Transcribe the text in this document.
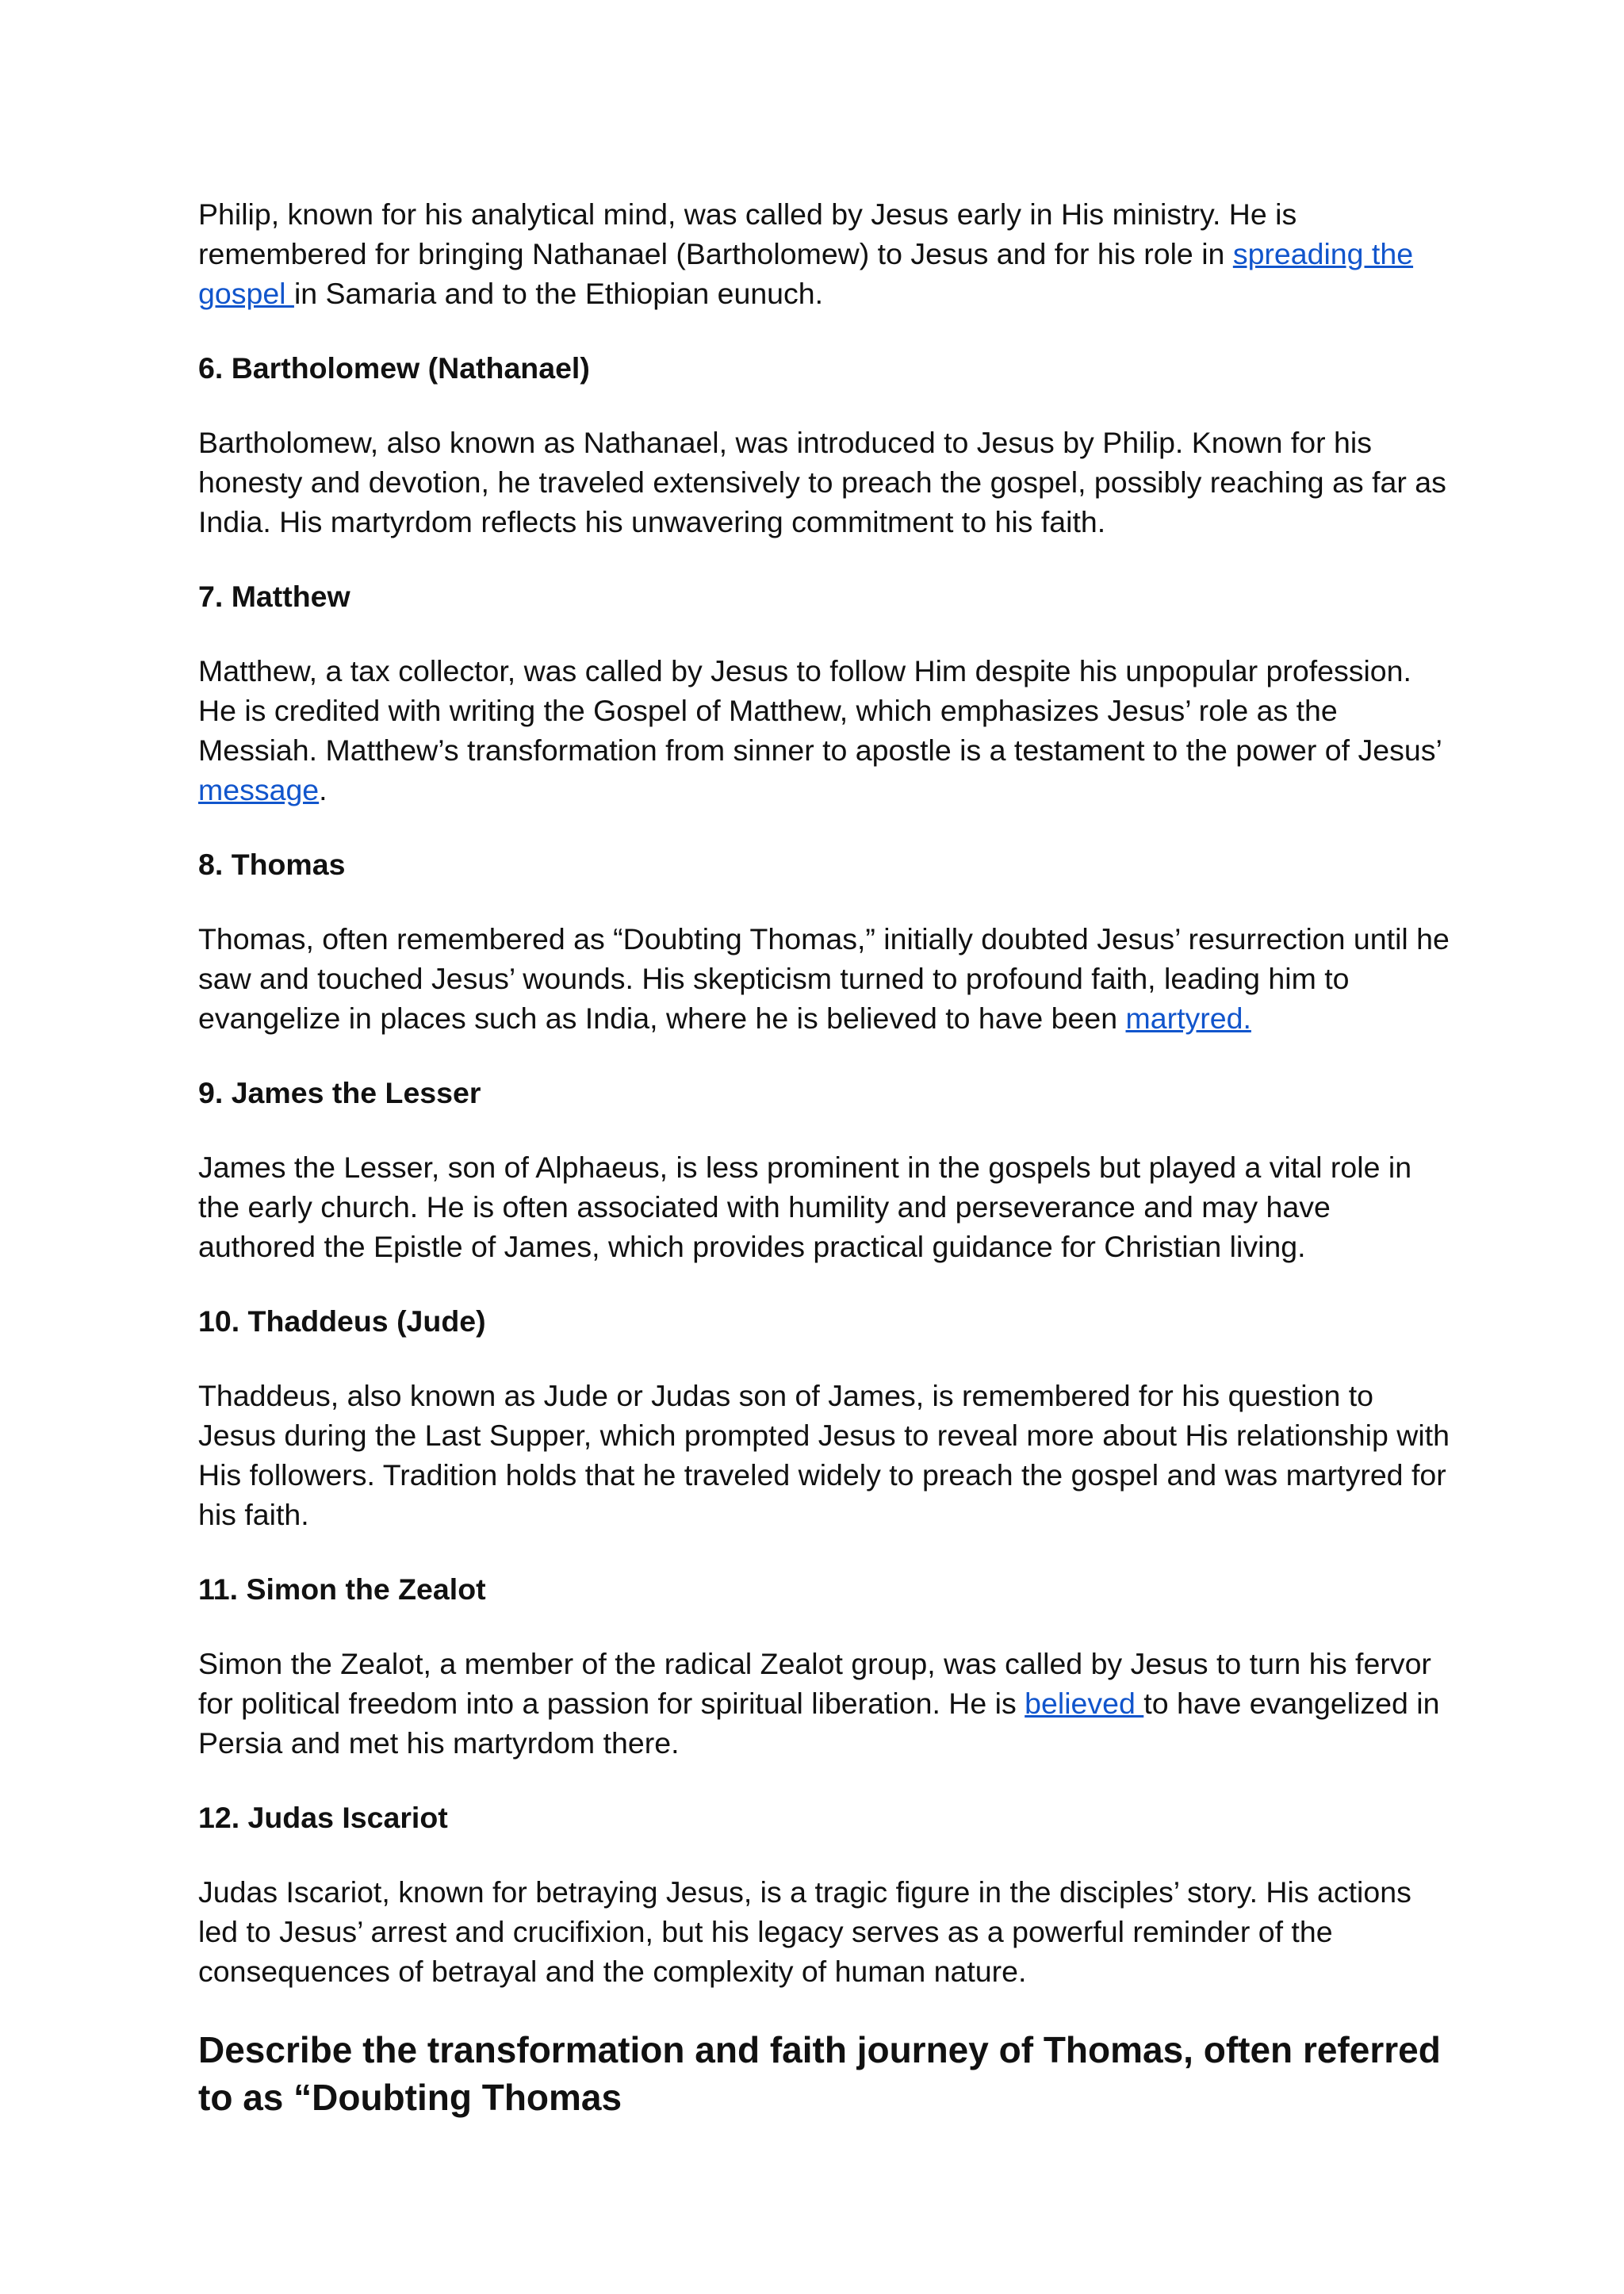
Philip, known for his analytical mind, was called by Jesus early in His ministry. He is remembered for bringing Nathanael (Bartholomew) to Jesus and for his role in spreading the gospel in Samaria and to the Ethiopian eunuch.

6. Bartholomew (Nathanael)

Bartholomew, also known as Nathanael, was introduced to Jesus by Philip. Known for his honesty and devotion, he traveled extensively to preach the gospel, possibly reaching as far as India. His martyrdom reflects his unwavering commitment to his faith.

7. Matthew

Matthew, a tax collector, was called by Jesus to follow Him despite his unpopular profession. He is credited with writing the Gospel of Matthew, which emphasizes Jesus’ role as the Messiah. Matthew’s transformation from sinner to apostle is a testament to the power of Jesus’ message.

8. Thomas

Thomas, often remembered as “Doubting Thomas,” initially doubted Jesus’ resurrection until he saw and touched Jesus’ wounds. His skepticism turned to profound faith, leading him to evangelize in places such as India, where he is believed to have been martyred.

9. James the Lesser

James the Lesser, son of Alphaeus, is less prominent in the gospels but played a vital role in the early church. He is often associated with humility and perseverance and may have authored the Epistle of James, which provides practical guidance for Christian living.

10. Thaddeus (Jude)

Thaddeus, also known as Jude or Judas son of James, is remembered for his question to Jesus during the Last Supper, which prompted Jesus to reveal more about His relationship with His followers. Tradition holds that he traveled widely to preach the gospel and was martyred for his faith.

11. Simon the Zealot

Simon the Zealot, a member of the radical Zealot group, was called by Jesus to turn his fervor for political freedom into a passion for spiritual liberation. He is believed to have evangelized in Persia and met his martyrdom there.

12. Judas Iscariot

Judas Iscariot, known for betraying Jesus, is a tragic figure in the disciples’ story. His actions led to Jesus’ arrest and crucifixion, but his legacy serves as a powerful reminder of the consequences of betrayal and the complexity of human nature.

Describe the transformation and faith journey of Thomas, often referred to as “Doubting Thomas
